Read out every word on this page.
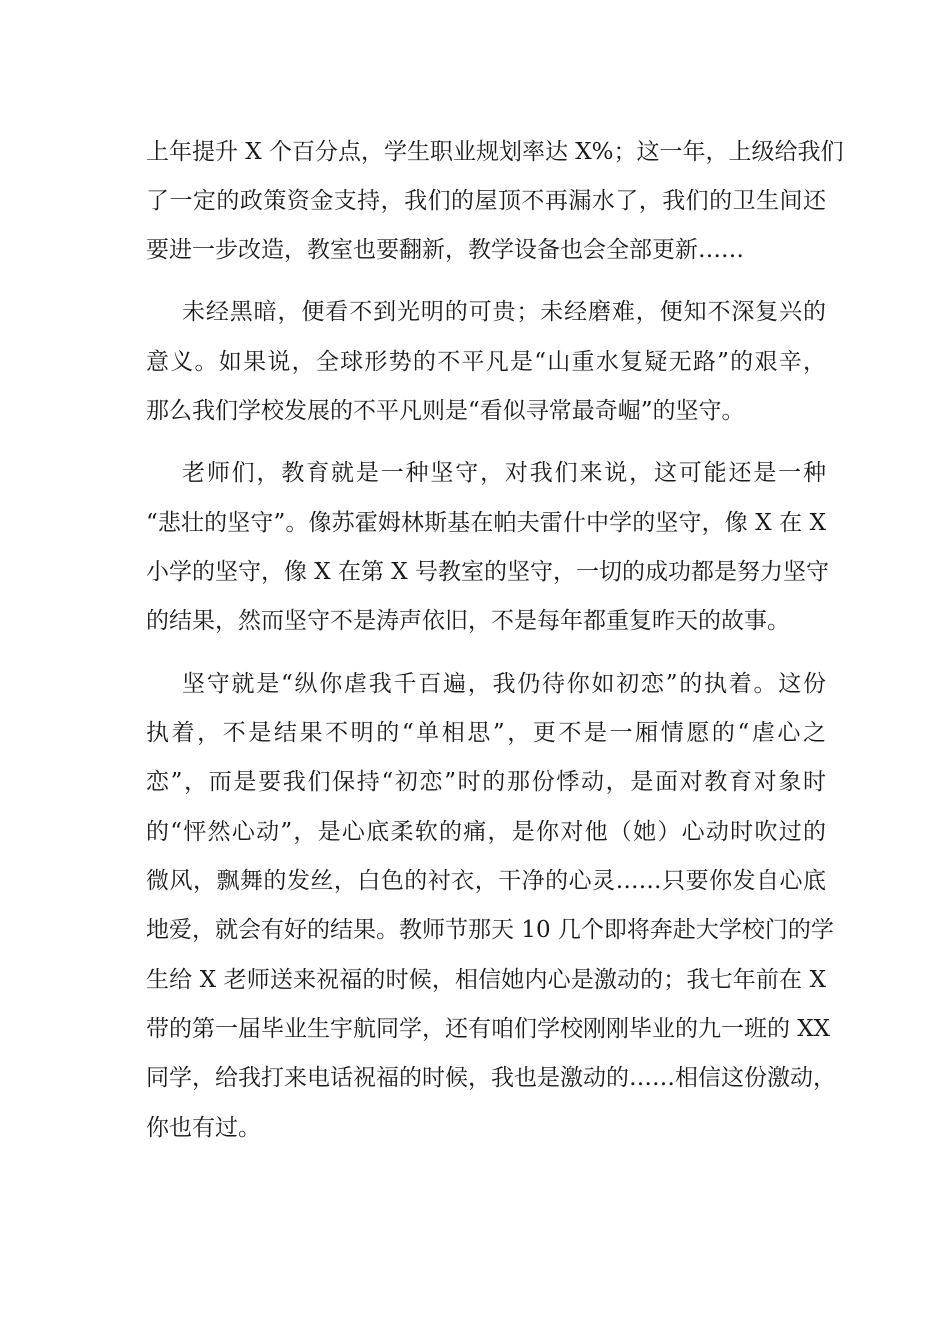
上年提升 X 个百分点，学生职业规划率达 X%；这一年，上级给我们
了一定的政策资金支持，我们的屋顶不再漏水了，我们的卫生间还
要进一步改造，教室也要翻新，教学设备也会全部更新……
未经黑暗，便看不到光明的可贵；未经磨难，便知不深复兴的
意义。如果说，全球形势的不平凡是“山重水复疑无路”的艰辛，
那么我们学校发展的不平凡则是“看似寻常最奇崛”的坚守。
老师们，教育就是一种坚守，对我们来说，这可能还是一种
“悲壮的坚守”。像苏霍姆林斯基在帕夫雷什中学的坚守，像 X 在 X
小学的坚守，像 X 在第 X 号教室的坚守，一切的成功都是努力坚守
的结果，然而坚守不是涛声依旧，不是每年都重复昨天的故事。
坚守就是“纵你虐我千百遍，我仍待你如初恋”的执着。这份
执着，不是结果不明的“单相思”，更不是一厢情愿的“虐心之
恋”，而是要我们保持“初恋”时的那份悸动，是面对教育对象时
的“怦然心动”，是心底柔软的痛，是你对他（她）心动时吹过的
微风，飘舞的发丝，白色的衬衣，干净的心灵……只要你发自心底
地爱，就会有好的结果。教师节那天 10 几个即将奔赴大学校门的学
生给 X 老师送来祝福的时候，相信她内心是激动的；我七年前在 X
带的第一届毕业生宇航同学，还有咱们学校刚刚毕业的九一班的 XX
同学，给我打来电话祝福的时候，我也是激动的……相信这份激动，
你也有过。
